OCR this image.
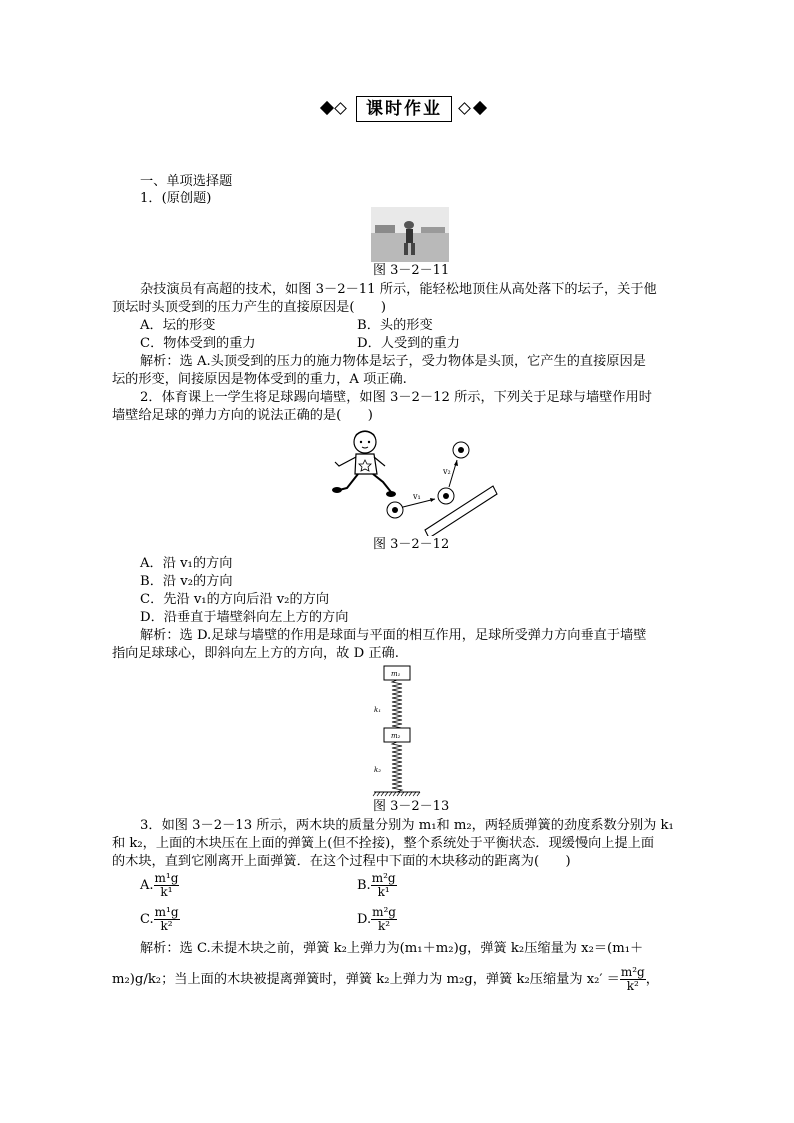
课时作业
一、单项选择题
1．(原创题)
图 3－2－11
杂技演员有高超的技术，如图 3－2－11 所示，能轻松地顶住从高处落下的坛子，关于他
顶坛时头顶受到的压力产生的直接原因是(　　)
A．坛的形变	B．头的形变
C．物体受到的重力	D．人受到的重力
解析：选 A.头顶受到的压力的施力物体是坛子，受力物体是头顶，它产生的直接原因是
坛的形变，间接原因是物体受到的重力，A 项正确.
2．体育课上一学生将足球踢向墙壁，如图 3－2－12 所示，下列关于足球与墙壁作用时
墙壁给足球的弹力方向的说法正确的是(　　)
v₁
v₂
图 3－2－12
A．沿 v₁的方向
B．沿 v₂的方向
C．先沿 v₁的方向后沿 v₂的方向
D．沿垂直于墙壁斜向左上方的方向
解析：选 D.足球与墙壁的作用是球面与平面的相互作用，足球所受弹力方向垂直于墙壁
指向足球球心，即斜向左上方的方向，故 D 正确.
m₁
k₁
m₂
k₂
图 3－2－13
3．如图 3－2－13 所示，两木块的质量分别为 m₁和 m₂，两轻质弹簧的劲度系数分别为 k₁
和 k₂，上面的木块压在上面的弹簧上(但不拴接)，整个系统处于平衡状态．现缓慢向上提上面
的木块，直到它刚离开上面弹簧．在这个过程中下面的木块移动的距离为(　　)
A. $\frac{\text{m¹g}}{\text{k¹}}$	B. $\frac{\text{m²g}}{\text{k¹}}$
C. $\frac{\text{m¹g}}{\text{k²}}$	D. $\frac{\text{m²g}}{\text{k²}}$
解析：选 C.未提木块之前，弹簧 k₂上弹力为(m₁＋m₂)g，弹簧 k₂压缩量为 x₂＝(m₁＋
m₂)g/k₂；当上面的木块被提离弹簧时，弹簧 k₂上弹力为 m₂g，弹簧 k₂压缩量为 $x_2' = \frac{\text{m²g}}{\text{k²}}$ ，
